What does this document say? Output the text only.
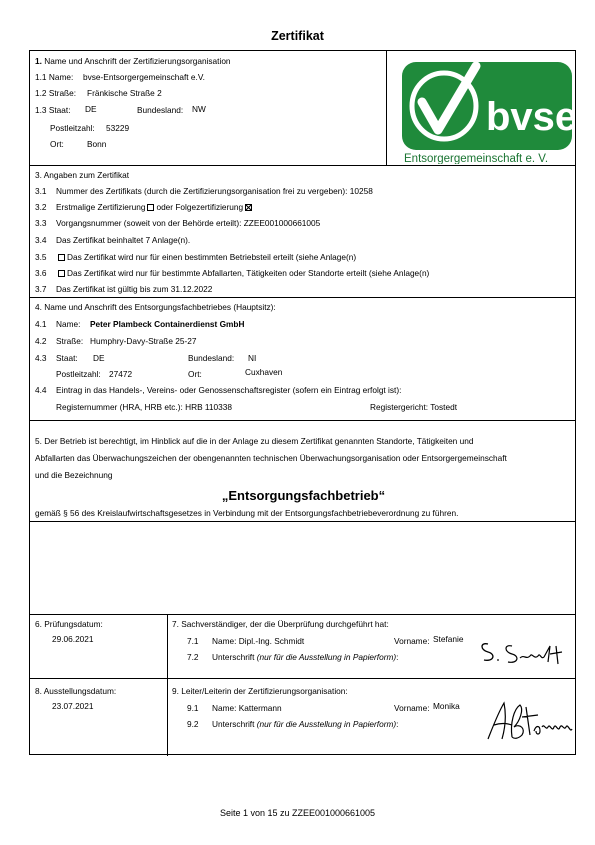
Zertifikat
1. Name und Anschrift der Zertifizierungsorganisation
1.1 Name: bvse-Entsorgergemeinschaft e.V.
1.2 Straße: Fränkische Straße 2
1.3 Staat: DE	Bundesland: NW
Postleitzahl: 53229
Ort:	Bonn
bvse
Entsorgergemeinschaft e. V.
3. Angaben zum Zertifikat
3.1 Nummer des Zertifikats (durch die Zertifizierungsorganisation frei zu vergeben): 10258
3.2 Erstmalige Zertifizierung oder Folgezertifizierung
3.3 Vorgangsnummer (soweit von der Behörde erteilt): ZZEE001000661005
3.4 Das Zertifikat beinhaltet 7 Anlage(n).
3.5	Das Zertifikat wird nur für einen bestimmten Betriebsteil erteilt (siehe Anlage(n)
3.6	Das Zertifikat wird nur für bestimmte Abfallarten, Tätigkeiten oder Standorte erteilt (siehe Anlage(n)
3.7 Das Zertifikat ist gültig bis zum 31.12.2022
4. Name und Anschrift des Entsorgungsfachbetriebes (Hauptsitz):
4.1 Name: Peter Plambeck Containerdienst GmbH
4.2 Straße: Humphry-Davy-Straße 25-27
4.3 Staat: DE	Bundesland: NI
Postleitzahl: 27472	Ort:	Cuxhaven
4.4 Eintrag in das Handels-, Vereins- oder Genossenschaftsregister (sofern ein Eintrag erfolgt ist):
Registernummer (HRA, HRB etc.): HRB 110338	Registergericht: Tostedt
5. Der Betrieb ist berechtigt, im Hinblick auf die in der Anlage zu diesem Zertifikat genannten Standorte, Tätigkeiten und
Abfallarten das Überwachungszeichen der obengenannten technischen Überwachungsorganisation oder Entsorgergemeinschaft
und die Bezeichnung
„Entsorgungsfachbetrieb“
gemäß § 56 des Kreislaufwirtschaftsgesetzes in Verbindung mit der Entsorgungsfachbetriebeverordnung zu führen.
6. Prüfungsdatum:
29.06.2021
7. Sachverständiger, der die Überprüfung durchgeführt hat:
7.1 Name: Dipl.-Ing. Schmidt	Vorname: Stefanie
7.2 Unterschrift (nur für die Ausstellung in Papierform):
8. Ausstellungsdatum:
23.07.2021
9. Leiter/Leiterin der Zertifizierungsorganisation:
9.1 Name: Kattermann	Vorname: Monika
9.2 Unterschrift (nur für die Ausstellung in Papierform):
Seite 1 von 15 zu ZZEE001000661005
